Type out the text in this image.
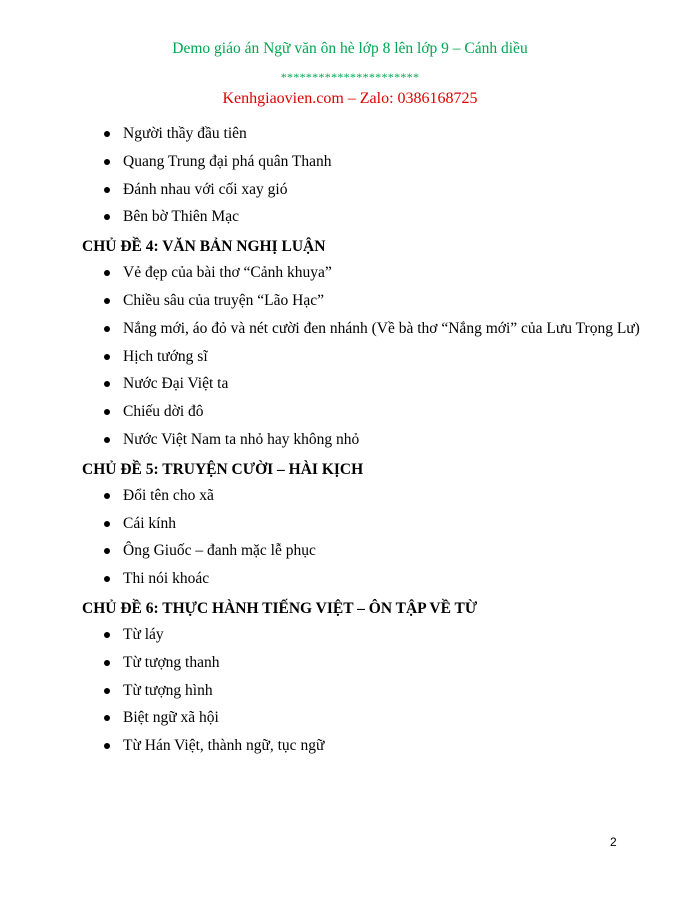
Demo giáo án Ngữ văn ôn hè lớp 8 lên lớp 9 – Cánh diều
**********************
Kenhgiaovien.com – Zalo: 0386168725
Người thầy đầu tiên
Quang Trung đại phá quân Thanh
Đánh nhau với cối xay gió
Bên bờ Thiên Mạc
CHỦ ĐỀ 4: VĂN BẢN NGHỊ LUẬN
Vẻ đẹp của bài thơ “Cảnh khuya”
Chiều sâu của truyện “Lão Hạc”
Nắng mới, áo đỏ và nét cười đen nhánh (Về bà thơ “Nắng mới” của Lưu Trọng Lư)
Hịch tướng sĩ
Nước Đại Việt ta
Chiếu dời đô
Nước Việt Nam ta nhỏ hay không nhỏ
CHỦ ĐỀ 5: TRUYỆN CƯỜI – HÀI KỊCH
Đổi tên cho xã
Cái kính
Ông Giuốc – đanh mặc lễ phục
Thi nói khoác
CHỦ ĐỀ 6: THỰC HÀNH TIẾNG VIỆT – ÔN TẬP VỀ TỪ
Từ láy
Từ tượng thanh
Từ tượng hình
Biệt ngữ xã hội
Từ Hán Việt, thành ngữ, tục ngữ
2
